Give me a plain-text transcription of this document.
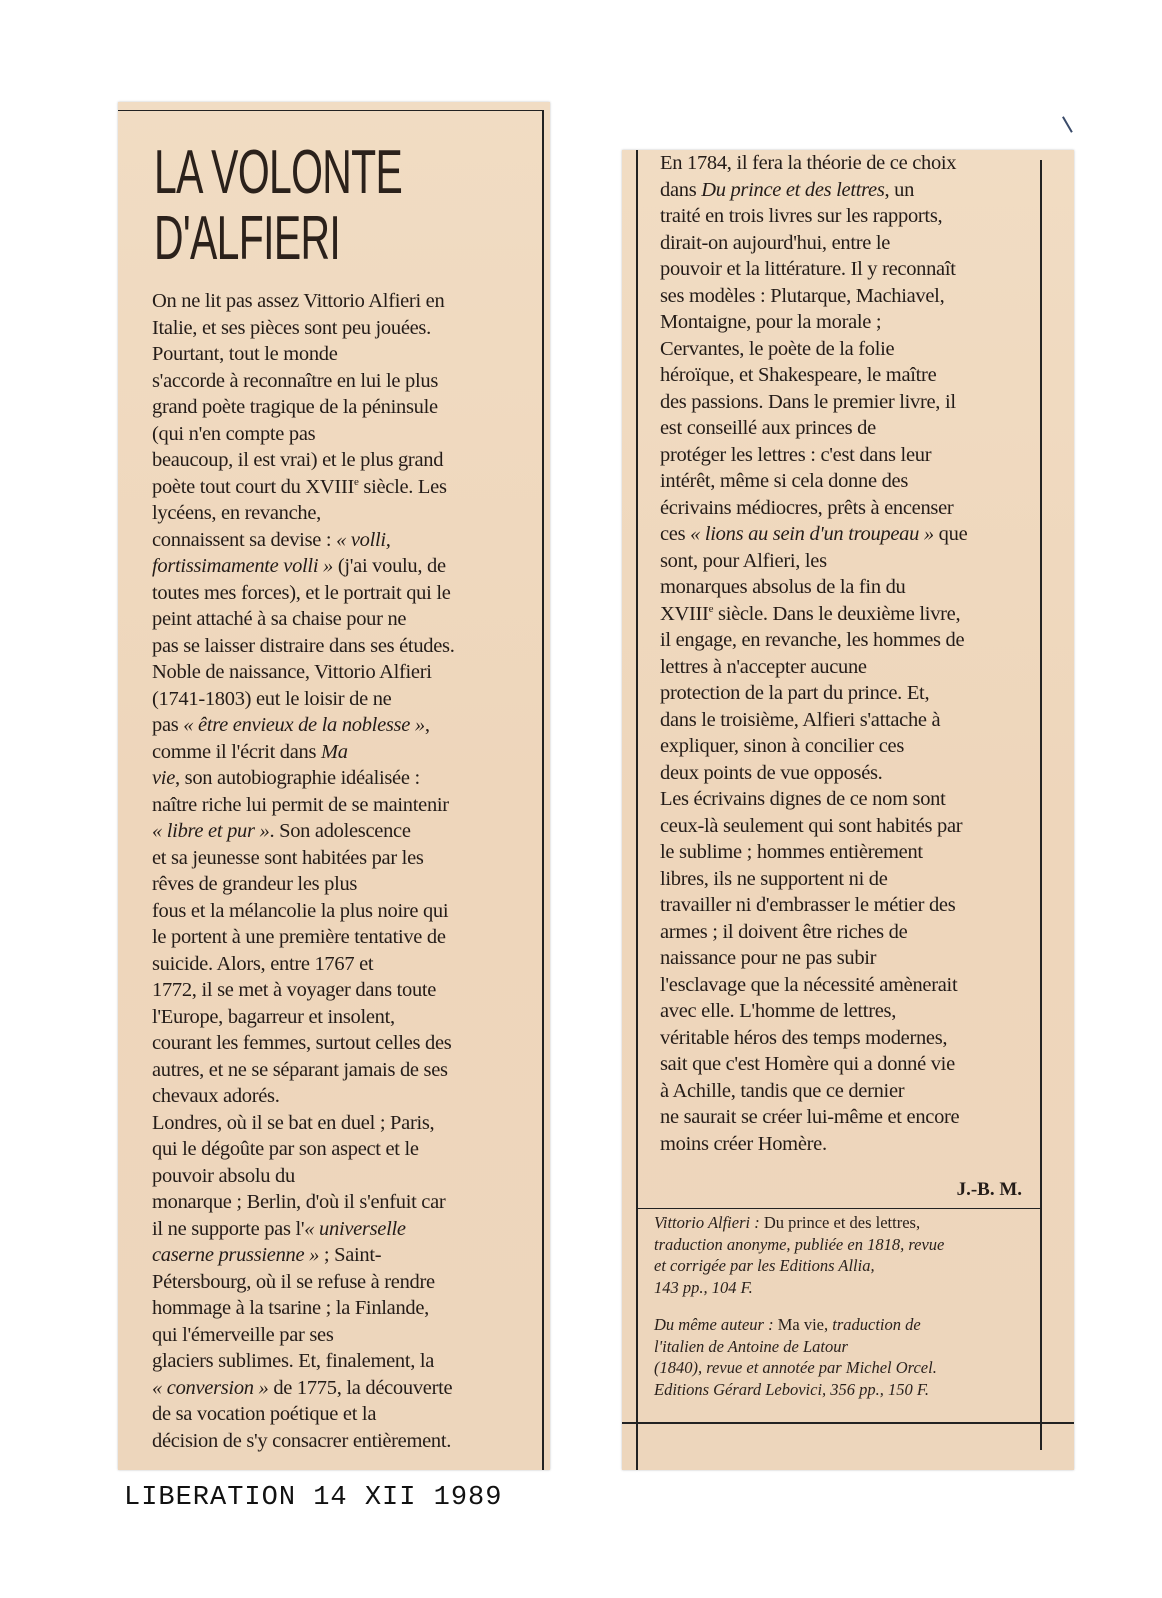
LA VOLONTE
D'ALFIERI
On ne lit pas assez Vittorio Alfieri en
Italie, et ses pièces sont peu jouées.
Pourtant, tout le monde
s'accorde à reconnaître en lui le plus
grand poète tragique de la péninsule
(qui n'en compte pas
beaucoup, il est vrai) et le plus grand
poète tout court du XVIIIe siècle. Les
lycéens, en revanche,
connaissent sa devise : « volli,
fortissimamente volli » (j'ai voulu, de
toutes mes forces), et le portrait qui le
peint attaché à sa chaise pour ne
pas se laisser distraire dans ses études.
Noble de naissance, Vittorio Alfieri
(1741-1803) eut le loisir de ne
pas « être envieux de la noblesse »,
comme il l'écrit dans Ma
vie, son autobiographie idéalisée :
naître riche lui permit de se maintenir
« libre et pur ». Son adolescence
et sa jeunesse sont habitées par les
rêves de grandeur les plus
fous et la mélancolie la plus noire qui
le portent à une première tentative de
suicide. Alors, entre 1767 et
1772, il se met à voyager dans toute
l'Europe, bagarreur et insolent,
courant les femmes, surtout celles des
autres, et ne se séparant jamais de ses
chevaux adorés.
Londres, où il se bat en duel ; Paris,
qui le dégoûte par son aspect et le
pouvoir absolu du
monarque ; Berlin, d'où il s'enfuit car
il ne supporte pas l'« universelle
caserne prussienne » ; Saint-
Pétersbourg, où il se refuse à rendre
hommage à la tsarine ; la Finlande,
qui l'émerveille par ses
glaciers sublimes. Et, finalement, la
« conversion » de 1775, la découverte
de sa vocation poétique et la
décision de s'y consacrer entièrement.
En 1784, il fera la théorie de ce choix
dans Du prince et des lettres, un
traité en trois livres sur les rapports,
dirait-on aujourd'hui, entre le
pouvoir et la littérature. Il y reconnaît
ses modèles : Plutarque, Machiavel,
Montaigne, pour la morale ;
Cervantes, le poète de la folie
héroïque, et Shakespeare, le maître
des passions. Dans le premier livre, il
est conseillé aux princes de
protéger les lettres : c'est dans leur
intérêt, même si cela donne des
écrivains médiocres, prêts à encenser
ces « lions au sein d'un troupeau » que
sont, pour Alfieri, les
monarques absolus de la fin du
XVIIIe siècle. Dans le deuxième livre,
il engage, en revanche, les hommes de
lettres à n'accepter aucune
protection de la part du prince. Et,
dans le troisième, Alfieri s'attache à
expliquer, sinon à concilier ces
deux points de vue opposés.
Les écrivains dignes de ce nom sont
ceux-là seulement qui sont habités par
le sublime ; hommes entièrement
libres, ils ne supportent ni de
travailler ni d'embrasser le métier des
armes ; il doivent être riches de
naissance pour ne pas subir
l'esclavage que la nécessité amènerait
avec elle. L'homme de lettres,
véritable héros des temps modernes,
sait que c'est Homère qui a donné vie
à Achille, tandis que ce dernier
ne saurait se créer lui-même et encore
moins créer Homère.
J.-B. M.
Vittorio Alfieri : Du prince et des lettres,
traduction anonyme, publiée en 1818, revue
et corrigée par les Editions Allia,
143 pp., 104 F.
Du même auteur : Ma vie, traduction de
l'italien de Antoine de Latour
(1840), revue et annotée par Michel Orcel.
Editions Gérard Lebovici, 356 pp., 150 F.
LIBERATION 14 XII 1989
